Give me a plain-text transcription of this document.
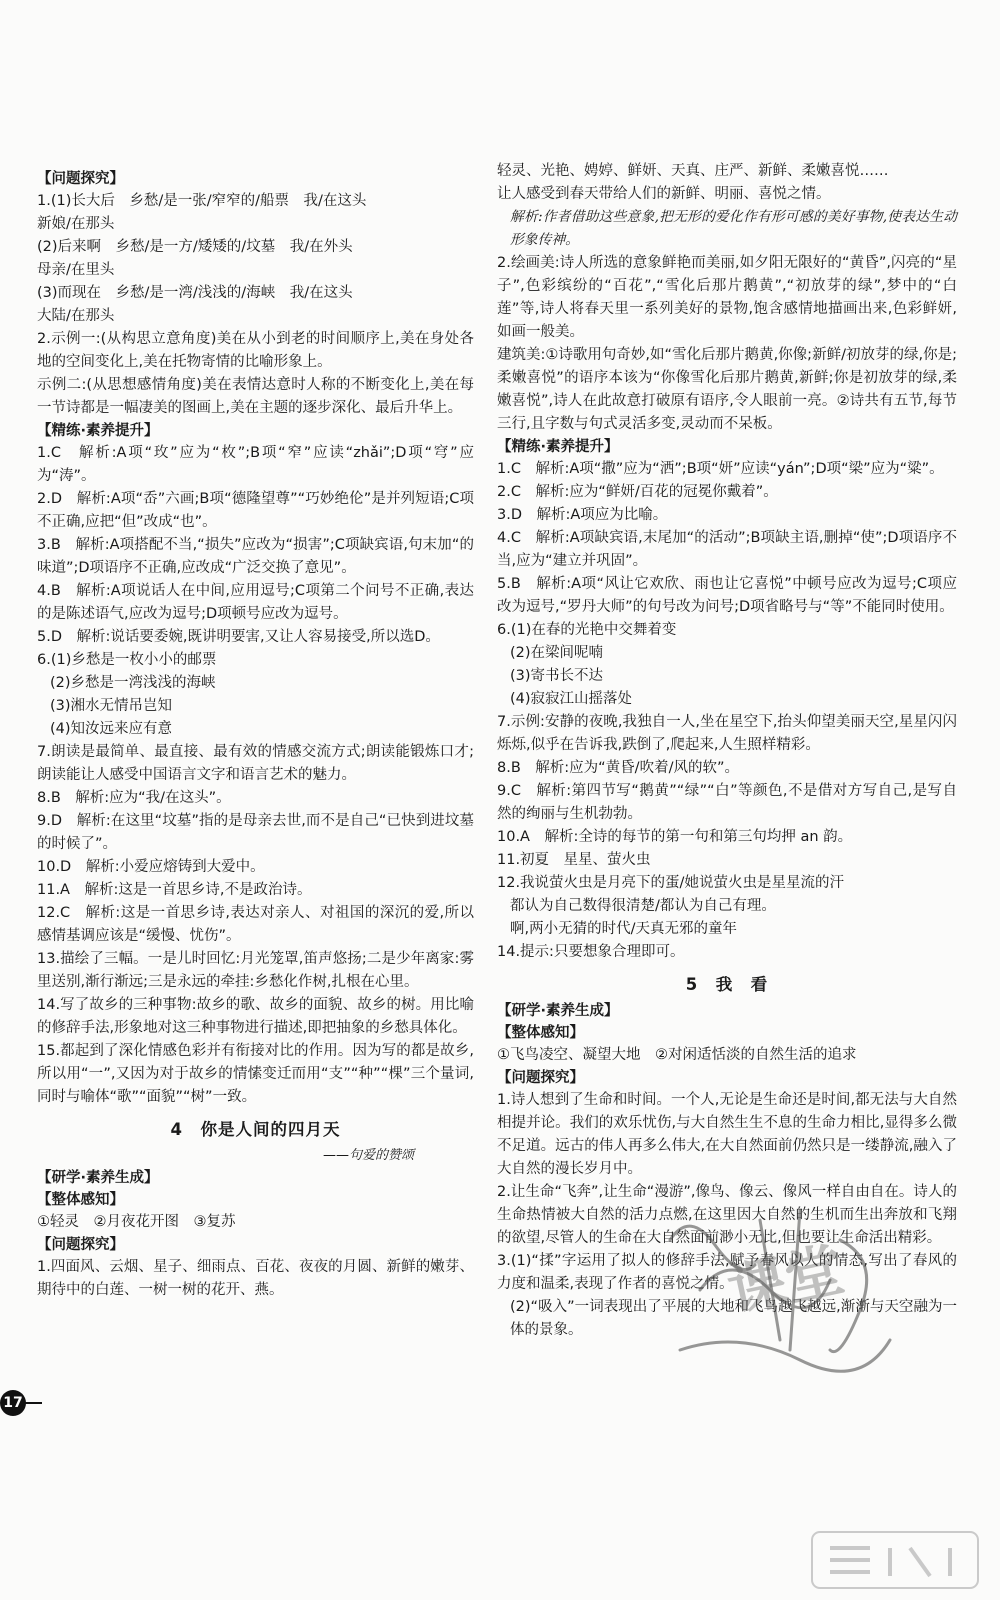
【问题探究】
1.(1)长大后　乡愁/是一张/窄窄的/船票　我/在这头
新娘/在那头
(2)后来啊　乡愁/是一方/矮矮的/坟墓　我/在外头
母亲/在里头
(3)而现在　乡愁/是一湾/浅浅的/海峡　我/在这头
大陆/在那头
2.示例一:(从构思立意角度)美在从小到老的时间顺序上,美在身处各地的空间变化上,美在托物寄情的比喻形象上。
示例二:(从思想感情角度)美在表情达意时人称的不断变化上,美在每一节诗都是一幅凄美的图画上,美在主题的逐步深化、最后升华上。
【精练·素养提升】
1.C　解析:A项“玫”应为“枚”;B项“窄”应读“zhǎi”;D项“穹”应为“涛”。
2.D　解析:A项“岙”六画;B项“德隆望尊”“巧妙绝伦”是并列短语;C项不正确,应把“但”改成“也”。
3.B　解析:A项搭配不当,“损失”应改为“损害”;C项缺宾语,句末加“的味道”;D项语序不正确,应改成“广泛交换了意见”。
4.B　解析:A项说话人在中间,应用逗号;C项第二个问号不正确,表达的是陈述语气,应改为逗号;D项顿号应改为逗号。
5.D　解析:说话要委婉,既讲明要害,又让人容易接受,所以选D。
6.(1)乡愁是一枚小小的邮票
(2)乡愁是一湾浅浅的海峡
(3)湘水无情吊岂知
(4)知汝远来应有意
7.朗读是最简单、最直接、最有效的情感交流方式;朗读能锻炼口才;朗读能让人感受中国语言文字和语言艺术的魅力。
8.B　解析:应为“我/在这头”。
9.D　解析:在这里“坟墓”指的是母亲去世,而不是自己“已快到进坟墓的时候了”。
10.D　解析:小爱应熔铸到大爱中。
11.A　解析:这是一首思乡诗,不是政治诗。
12.C　解析:这是一首思乡诗,表达对亲人、对祖国的深沉的爱,所以感情基调应该是“缓慢、忧伤”。
13.描绘了三幅。一是儿时回忆:月光笼罩,笛声悠扬;二是少年离家:雾里送别,渐行渐远;三是永远的牵挂:乡愁化作树,扎根在心里。
14.写了故乡的三种事物:故乡的歌、故乡的面貌、故乡的树。用比喻的修辞手法,形象地对这三种事物进行描述,即把抽象的乡愁具体化。
15.都起到了深化情感色彩并有衔接对比的作用。因为写的都是故乡,所以用“一”,又因为对于故乡的情愫变迁而用“支”“种”“棵”三个量词,同时与喻体“歌”“面貌”“树”一致。
4　你是人间的四月天
——句爱的赞颂
【研学·素养生成】
【整体感知】
①轻灵　②月夜花开图　③复苏
【问题探究】
1.四面风、云烟、星子、细雨点、百花、夜夜的月圆、新鲜的嫩芽、期待中的白莲、一树一树的花开、燕。
轻灵、光艳、娉婷、鲜妍、天真、庄严、新鲜、柔嫩喜悦……
让人感受到春天带给人们的新鲜、明丽、喜悦之情。
解析:作者借助这些意象,把无形的爱化作有形可感的美好事物,使表达生动形象传神。
2.绘画美:诗人所选的意象鲜艳而美丽,如夕阳无限好的“黄昏”,闪亮的“星子”,色彩缤纷的“百花”,“雪化后那片鹅黄”,“初放芽的绿”,梦中的“白莲”等,诗人将春天里一系列美好的景物,饱含感情地描画出来,色彩鲜妍,如画一般美。
建筑美:①诗歌用句奇妙,如“雪化后那片鹅黄,你像;新鲜/初放芽的绿,你是;柔嫩喜悦”的语序本该为“你像雪化后那片鹅黄,新鲜;你是初放芽的绿,柔嫩喜悦”,诗人在此故意打破原有语序,令人眼前一亮。②诗共有五节,每节三行,且字数与句式灵活多变,灵动而不呆板。
【精练·素养提升】
1.C　解析:A项“撒”应为“洒”;B项“妍”应读“yán”;D项“梁”应为“粱”。
2.C　解析:应为“鲜妍/百花的冠冕你戴着”。
3.D　解析:A项应为比喻。
4.C　解析:A项缺宾语,末尾加“的活动”;B项缺主语,删掉“使”;D项语序不当,应为“建立并巩固”。
5.B　解析:A项“风让它欢欣、雨也让它喜悦”中顿号应改为逗号;C项应改为逗号,“罗丹大师”的句号改为问号;D项省略号与“等”不能同时使用。
6.(1)在春的光艳中交舞着变
(2)在梁间呢喃
(3)寄书长不达
(4)寂寂江山摇落处
7.示例:安静的夜晚,我独自一人,坐在星空下,抬头仰望美丽天空,星星闪闪烁烁,似乎在告诉我,跌倒了,爬起来,人生照样精彩。
8.B　解析:应为“黄昏/吹着/风的软”。
9.C　解析:第四节写“鹅黄”“绿”“白”等颜色,不是借对方写自己,是写自然的绚丽与生机勃勃。
10.A　解析:全诗的每节的第一句和第三句均押 an 韵。
11.初夏　星星、萤火虫
12.我说萤火虫是月亮下的蛋/她说萤火虫是星星流的汗
都认为自己数得很清楚/都认为自己有理。
啊,两小无猜的时代/天真无邪的童年
14.提示:只要想象合理即可。
5　我　看
【研学·素养生成】
【整体感知】
①飞鸟凌空、凝望大地　②对闲适恬淡的自然生活的追求
【问题探究】
1.诗人想到了生命和时间。一个人,无论是生命还是时间,都无法与大自然相提并论。我们的欢乐忧伤,与大自然生生不息的生命力相比,显得多么微不足道。远古的伟人再多么伟大,在大自然面前仍然只是一缕静流,融入了大自然的漫长岁月中。
2.让生命“飞奔”,让生命“漫游”,像鸟、像云、像风一样自由自在。诗人的生命热情被大自然的活力点燃,在这里因大自然的生机而生出奔放和飞翔的欲望,尽管人的生命在大自然面前渺小无比,但也要让生命活出精彩。
3.(1)“揉”字运用了拟人的修辞手法,赋予春风以人的情态,写出了春风的力度和温柔,表现了作者的喜悦之情。
(2)“吸入”一词表现出了平展的大地和飞鸟越飞越远,渐渐与天空融为一体的景象。
17
课堂
